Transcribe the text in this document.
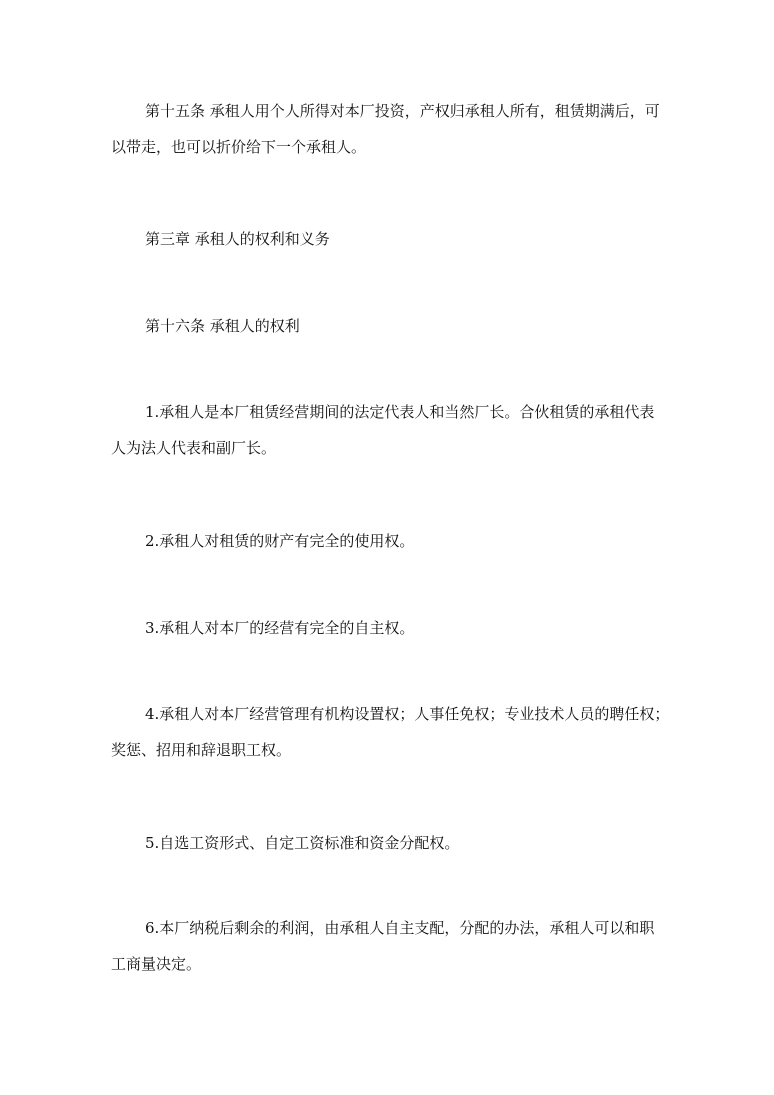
第十五条 承租人用个人所得对本厂投资，产权归承租人所有，租赁期满后，可
以带走，也可以折价给下一个承租人。

第三章 承租人的权利和义务

第十六条 承租人的权利

1.承租人是本厂租赁经营期间的法定代表人和当然厂长。合伙租赁的承租代表
人为法人代表和副厂长。

2.承租人对租赁的财产有完全的使用权。

3.承租人对本厂的经营有完全的自主权。

4.承租人对本厂经营管理有机构设置权；人事任免权；专业技术人员的聘任权；
奖惩、招用和辞退职工权。

5.自选工资形式、自定工资标准和资金分配权。

6.本厂纳税后剩余的利润，由承租人自主支配，分配的办法，承租人可以和职
工商量决定。
